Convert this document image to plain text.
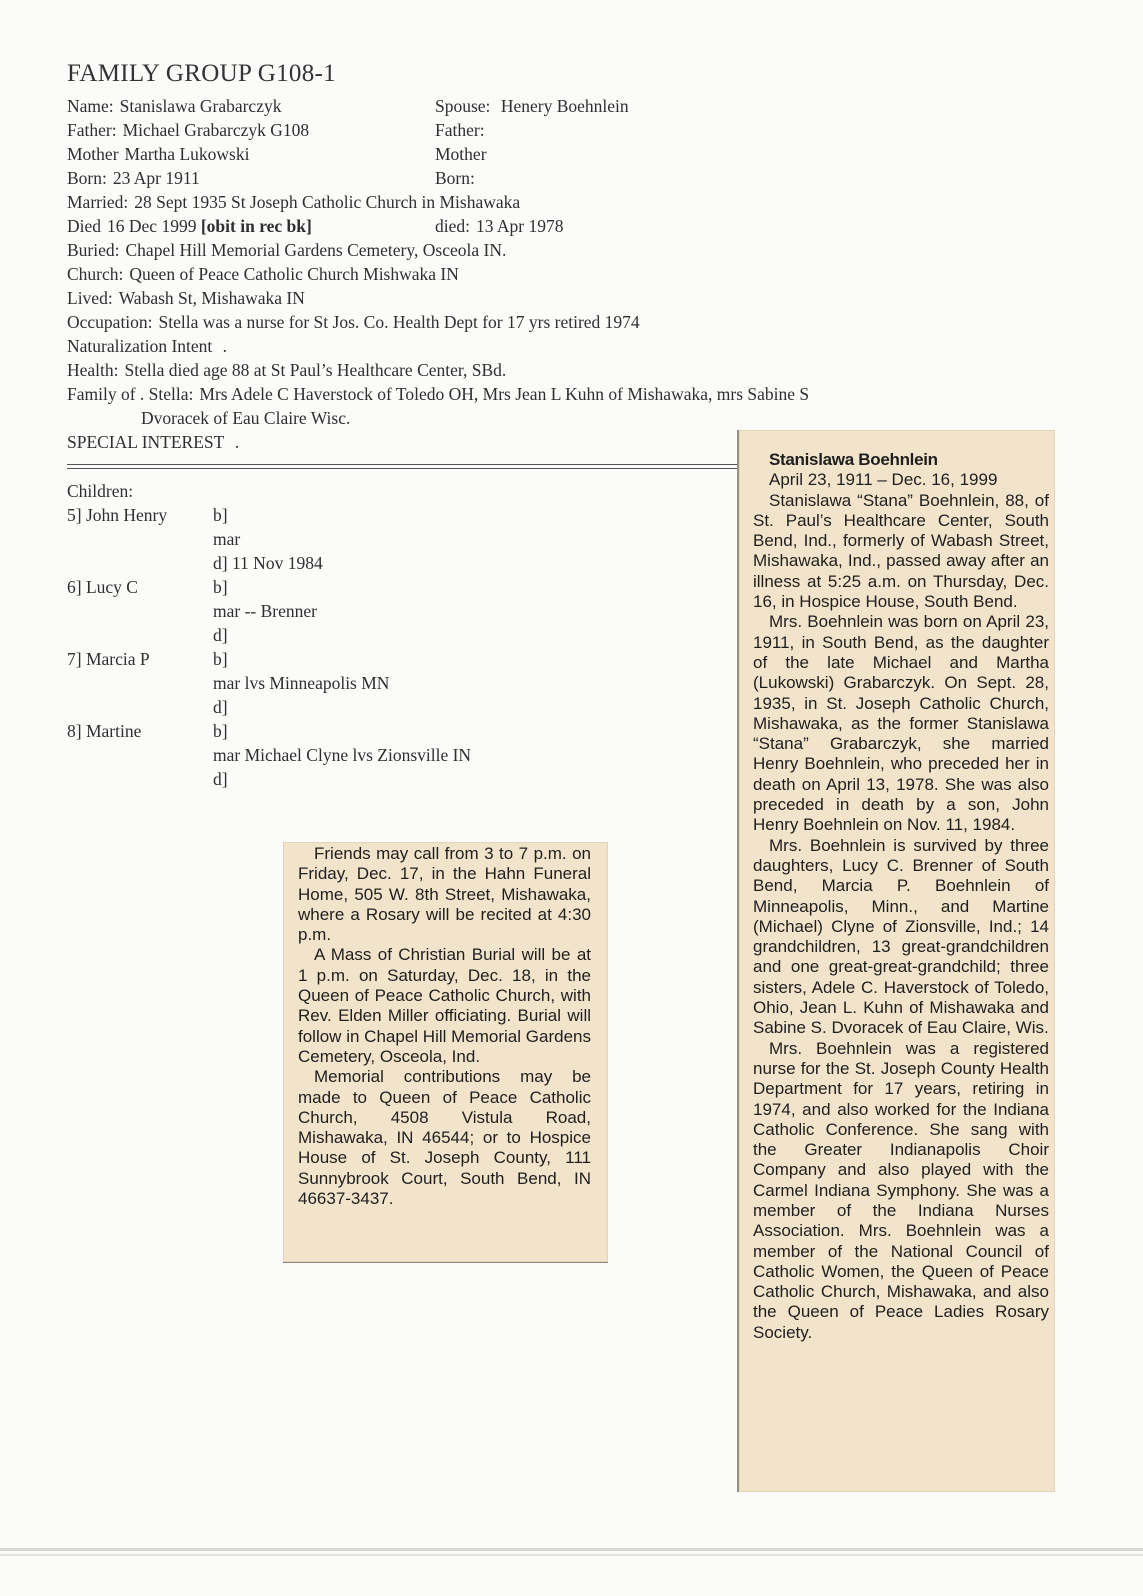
FAMILY GROUP G108-1
Name: Stanislawa Grabarczyk
Father: Michael Grabarczyk G108
Mother Martha Lukowski
Born: 23 Apr 1911
Married: 28 Sept 1935 St Joseph Catholic Church in Mishawaka
Died 16 Dec 1999 [obit in rec bk]
Buried: Chapel Hill Memorial Gardens Cemetery, Osceola IN.
Church: Queen of Peace Catholic Church Mishwaka IN
Lived: Wabash St, Mishawaka IN
Occupation: Stella was a nurse for St Jos. Co. Health Dept for 17 yrs retired 1974
Naturalization Intent .
Health: Stella died age 88 at St Paul’s Healthcare Center, SBd.
Family of . Stella: Mrs Adele C Haverstock of Toledo OH, Mrs Jean L Kuhn of Mishawaka, mrs Sabine S
Dvoracek of Eau Claire Wisc.
SPECIAL INTEREST .
Spouse: Henery Boehnlein
Father:
Mother
Born:
died: 13 Apr 1978
Children:
5] John Henry	b]
mar
d] 11 Nov 1984
6] Lucy C	b]
mar -- Brenner
d]
7] Marcia P	b]
mar lvs Minneapolis MN
d]
8] Martine	b]
mar Michael Clyne lvs Zionsville IN
d]

Stanislawa Boehnlein

April 23, 1911 – Dec. 16, 1999

Stanislawa “Stana” Boehnlein, 88, of St. Paul’s Healthcare Center, South Bend, Ind., formerly of Wabash Street, Mishawaka, Ind., passed away after an illness at 5:25 a.m. on Thursday, Dec. 16, in Hospice House, South Bend.

Mrs. Boehnlein was born on April 23, 1911, in South Bend, as the daughter of the late Michael and Martha (Lukowski) Grabarczyk. On Sept. 28, 1935, in St. Joseph Catholic Church, Mishawaka, as the former Stanislawa “Stana” Grabarczyk, she married Henry Boehnlein, who preceded her in death on April 13, 1978. She was also preceded in death by a son, John Henry Boehnlein on Nov. 11, 1984.

Mrs. Boehnlein is survived by three daughters, Lucy C. Brenner of South Bend, Marcia P. Boehnlein of Minneapolis, Minn., and Martine (Michael) Clyne of Zionsville, Ind.; 14 grandchildren, 13 great-grandchildren and one great-great-grandchild; three sisters, Adele C. Haverstock of Toledo, Ohio, Jean L. Kuhn of Mishawaka and Sabine S. Dvoracek of Eau Claire, Wis.

Mrs. Boehnlein was a registered nurse for the St. Joseph County Health Department for 17 years, retiring in 1974, and also worked for the Indiana Catholic Conference. She sang with the Greater Indianapolis Choir Company and also played with the Carmel Indiana Symphony. She was a member of the Indiana Nurses Association. Mrs. Boehnlein was a member of the National Council of Catholic Women, the Queen of Peace Catholic Church, Mishawaka, and also the Queen of Peace Ladies Rosary Society.

Friends may call from 3 to 7 p.m. on Friday, Dec. 17, in the Hahn Funeral Home, 505 W. 8th Street, Mishawaka, where a Rosary will be recited at 4:30 p.m.

A Mass of Christian Burial will be at 1 p.m. on Saturday, Dec. 18, in the Queen of Peace Catholic Church, with Rev. Elden Miller officiating. Burial will follow in Chapel Hill Memorial Gardens Cemetery, Osceola, Ind.

Memorial contributions may be made to Queen of Peace Catholic Church, 4508 Vistula Road, Mishawaka, IN 46544; or to Hospice House of St. Joseph County, 111 Sunnybrook Court, South Bend, IN 46637-3437.
